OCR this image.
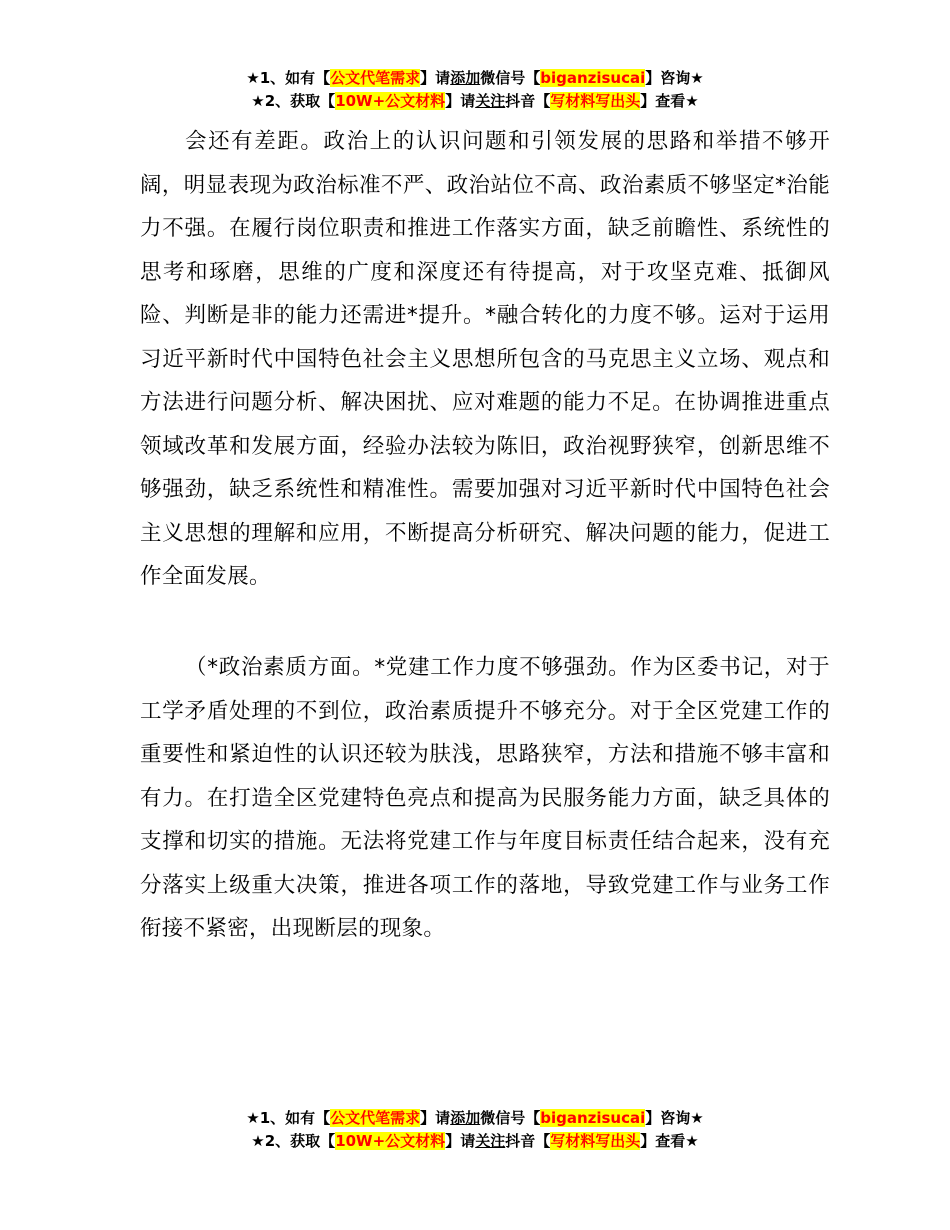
★1、如有【公文代笔需求】请添加微信号【biganzisucai】咨询★
★2、获取【10W+公文材料】请关注抖音【写材料写出头】查看★

会还有差距。政治上的认识问题和引领发展的思路和举措不够开阔，明显表现为政治标准不严、政治站位不高、政治素质不够坚定*治能力不强。在履行岗位职责和推进工作落实方面，缺乏前瞻性、系统性的思考和琢磨，思维的广度和深度还有待提高，对于攻坚克难、抵御风险、判断是非的能力还需进*提升。*融合转化的力度不够。运对于运用习近平新时代中国特色社会主义思想所包含的马克思主义立场、观点和方法进行问题分析、解决困扰、应对难题的能力不足。在协调推进重点领域改革和发展方面，经验办法较为陈旧，政治视野狭窄，创新思维不够强劲，缺乏系统性和精准性。需要加强对习近平新时代中国特色社会主义思想的理解和应用，不断提高分析研究、解决问题的能力，促进工作全面发展。

（*政治素质方面。*党建工作力度不够强劲。作为区委书记，对于工学矛盾处理的不到位，政治素质提升不够充分。对于全区党建工作的重要性和紧迫性的认识还较为肤浅，思路狭窄，方法和措施不够丰富和有力。在打造全区党建特色亮点和提高为民服务能力方面，缺乏具体的支撑和切实的措施。无法将党建工作与年度目标责任结合起来，没有充分落实上级重大决策，推进各项工作的落地，导致党建工作与业务工作衔接不紧密，出现断层的现象。

★1、如有【公文代笔需求】请添加微信号【biganzisucai】咨询★
★2、获取【10W+公文材料】请关注抖音【写材料写出头】查看★
